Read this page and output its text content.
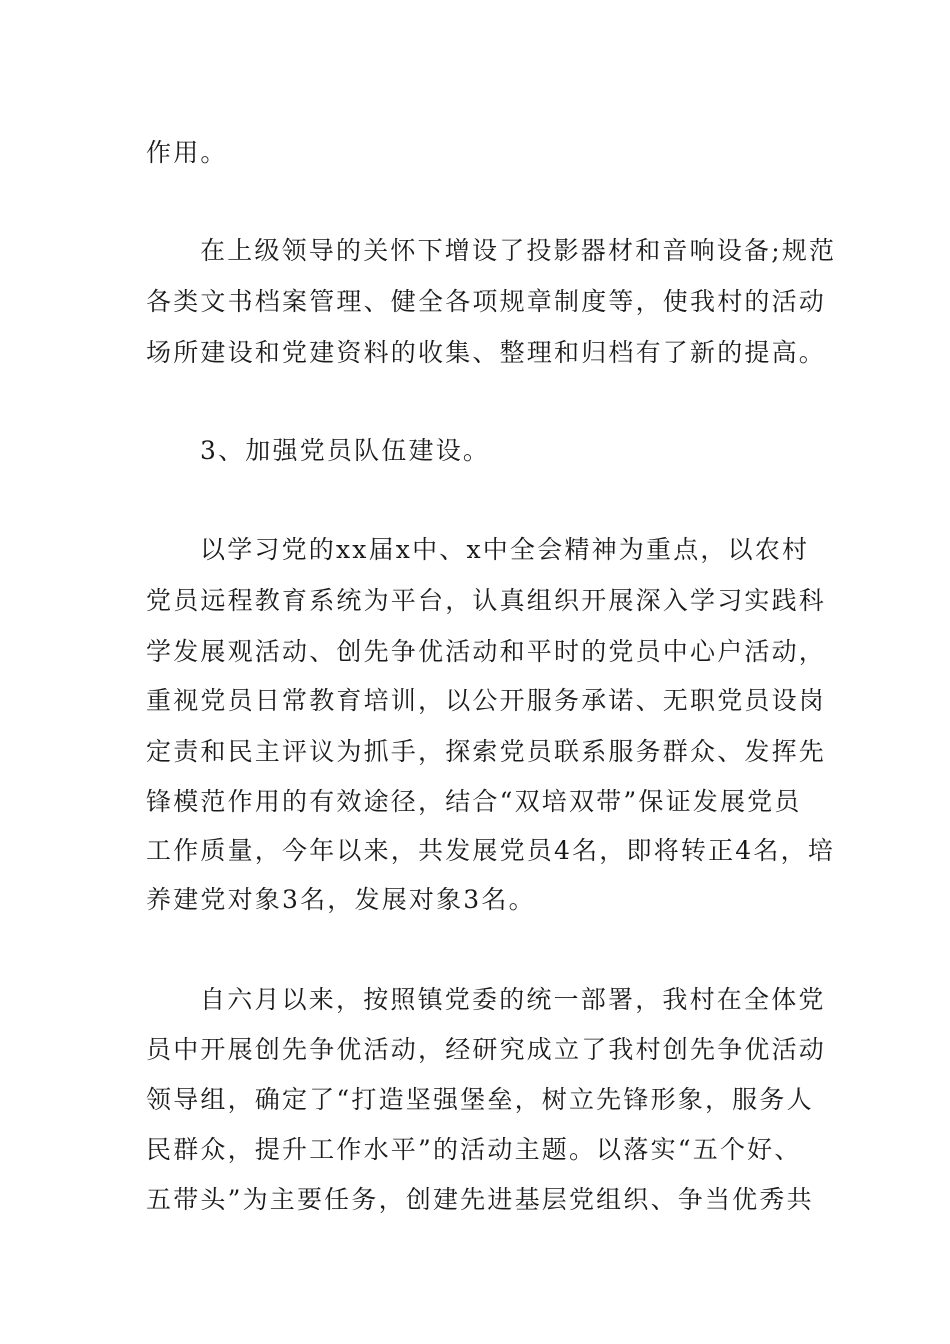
作用。
在上级领导的关怀下增设了投影器材和音响设备;规范
各类文书档案管理、健全各项规章制度等，使我村的活动
场所建设和党建资料的收集、整理和归档有了新的提高。
3、加强党员队伍建设。
以学习党的xx届x中、x中全会精神为重点，以农村
党员远程教育系统为平台，认真组织开展深入学习实践科
学发展观活动、创先争优活动和平时的党员中心户活动，
重视党员日常教育培训，以公开服务承诺、无职党员设岗
定责和民主评议为抓手，探索党员联系服务群众、发挥先
锋模范作用的有效途径，结合“双培双带”保证发展党员
工作质量，今年以来，共发展党员4名，即将转正4名，培
养建党对象3名，发展对象3名。
自六月以来，按照镇党委的统一部署，我村在全体党
员中开展创先争优活动，经研究成立了我村创先争优活动
领导组，确定了“打造坚强堡垒，树立先锋形象，服务人
民群众，提升工作水平”的活动主题。以落实“五个好、
五带头”为主要任务，创建先进基层党组织、争当优秀共
